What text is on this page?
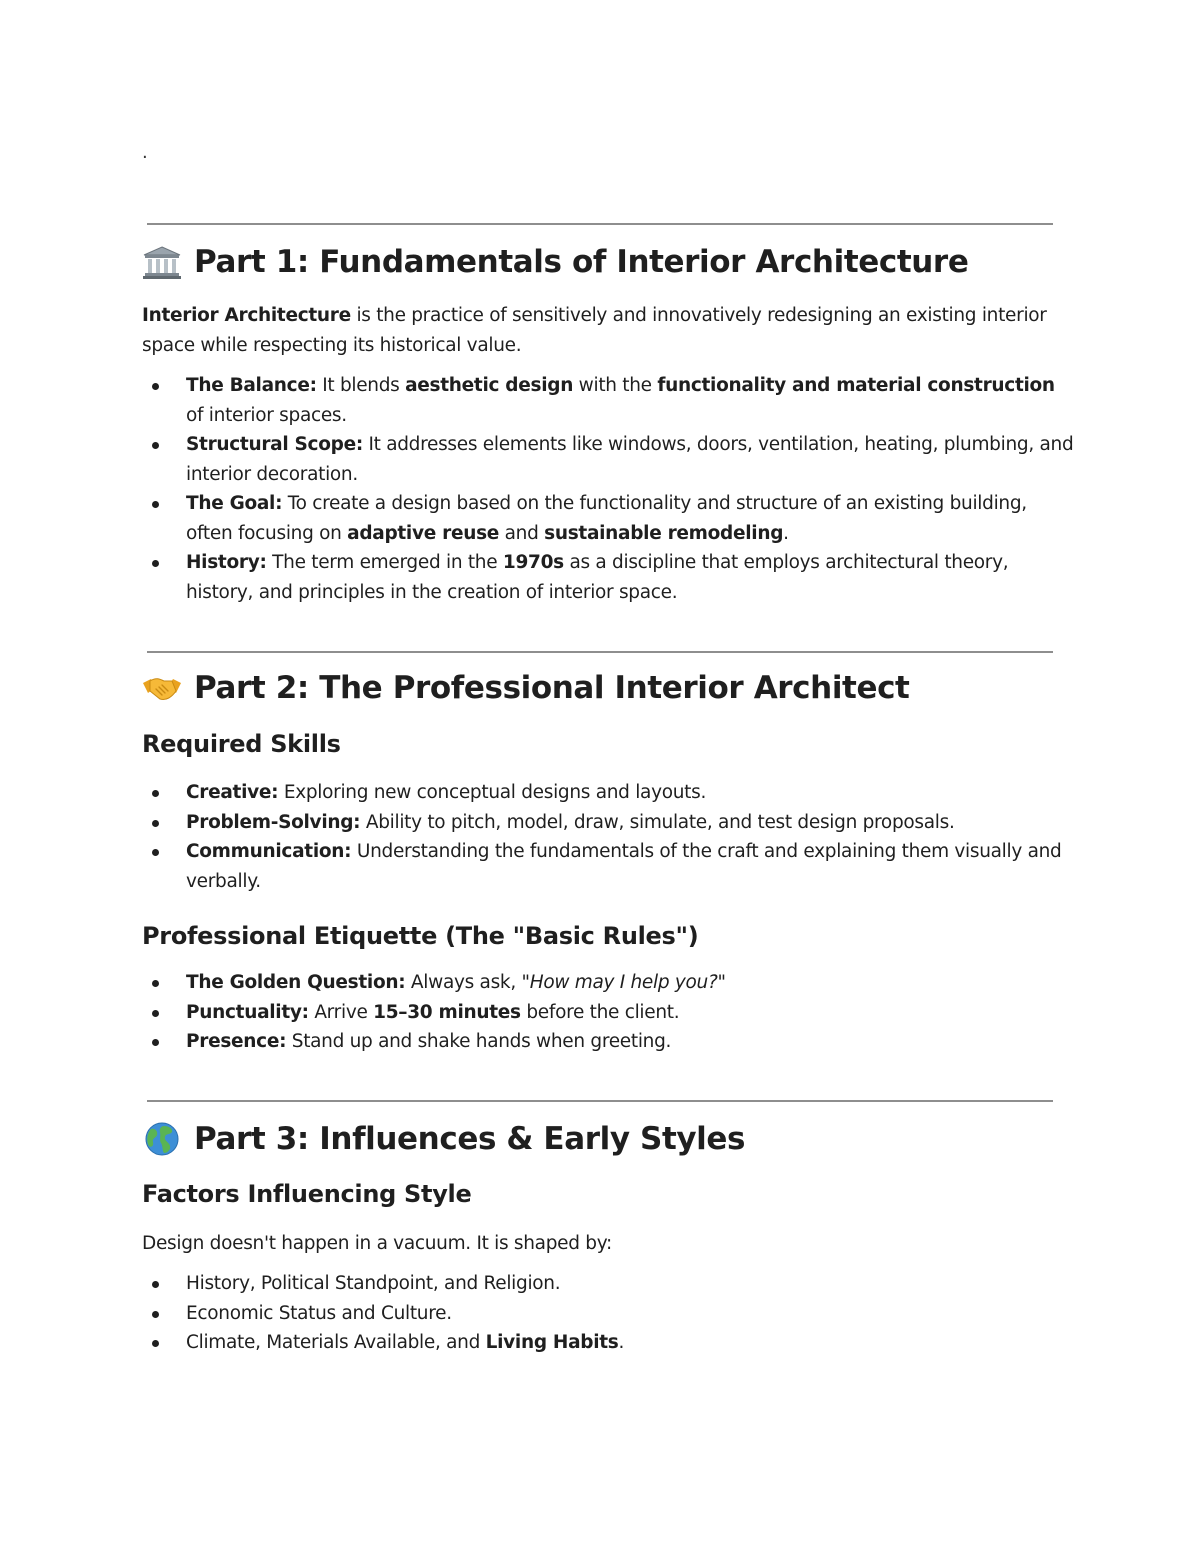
.
Part 1: Fundamentals of Interior Architecture

Interior Architecture is the practice of sensitively and innovatively redesigning an existing interior space while respecting its historical value.

The Balance: It blends aesthetic design with the functionality and material construction of interior spaces.
Structural Scope: It addresses elements like windows, doors, ventilation, heating, plumbing, and interior decoration.
The Goal: To create a design based on the functionality and structure of an existing building, often focusing on adaptive reuse and sustainable remodeling.
History: The term emerged in the 1970s as a discipline that employs architectural theory, history, and principles in the creation of interior space.
Part 2: The Professional Interior Architect
Required Skills
Creative: Exploring new conceptual designs and layouts.
Problem-Solving: Ability to pitch, model, draw, simulate, and test design proposals.
Communication: Understanding the fundamentals of the craft and explaining them visually and verbally.
Professional Etiquette (The "Basic Rules")
The Golden Question: Always ask, "How may I help you?"
Punctuality: Arrive 15–30 minutes before the client.
Presence: Stand up and shake hands when greeting.
Part 3: Influences & Early Styles
Factors Influencing Style

Design doesn't happen in a vacuum. It is shaped by:

History, Political Standpoint, and Religion.
Economic Status and Culture.
Climate, Materials Available, and Living Habits.
